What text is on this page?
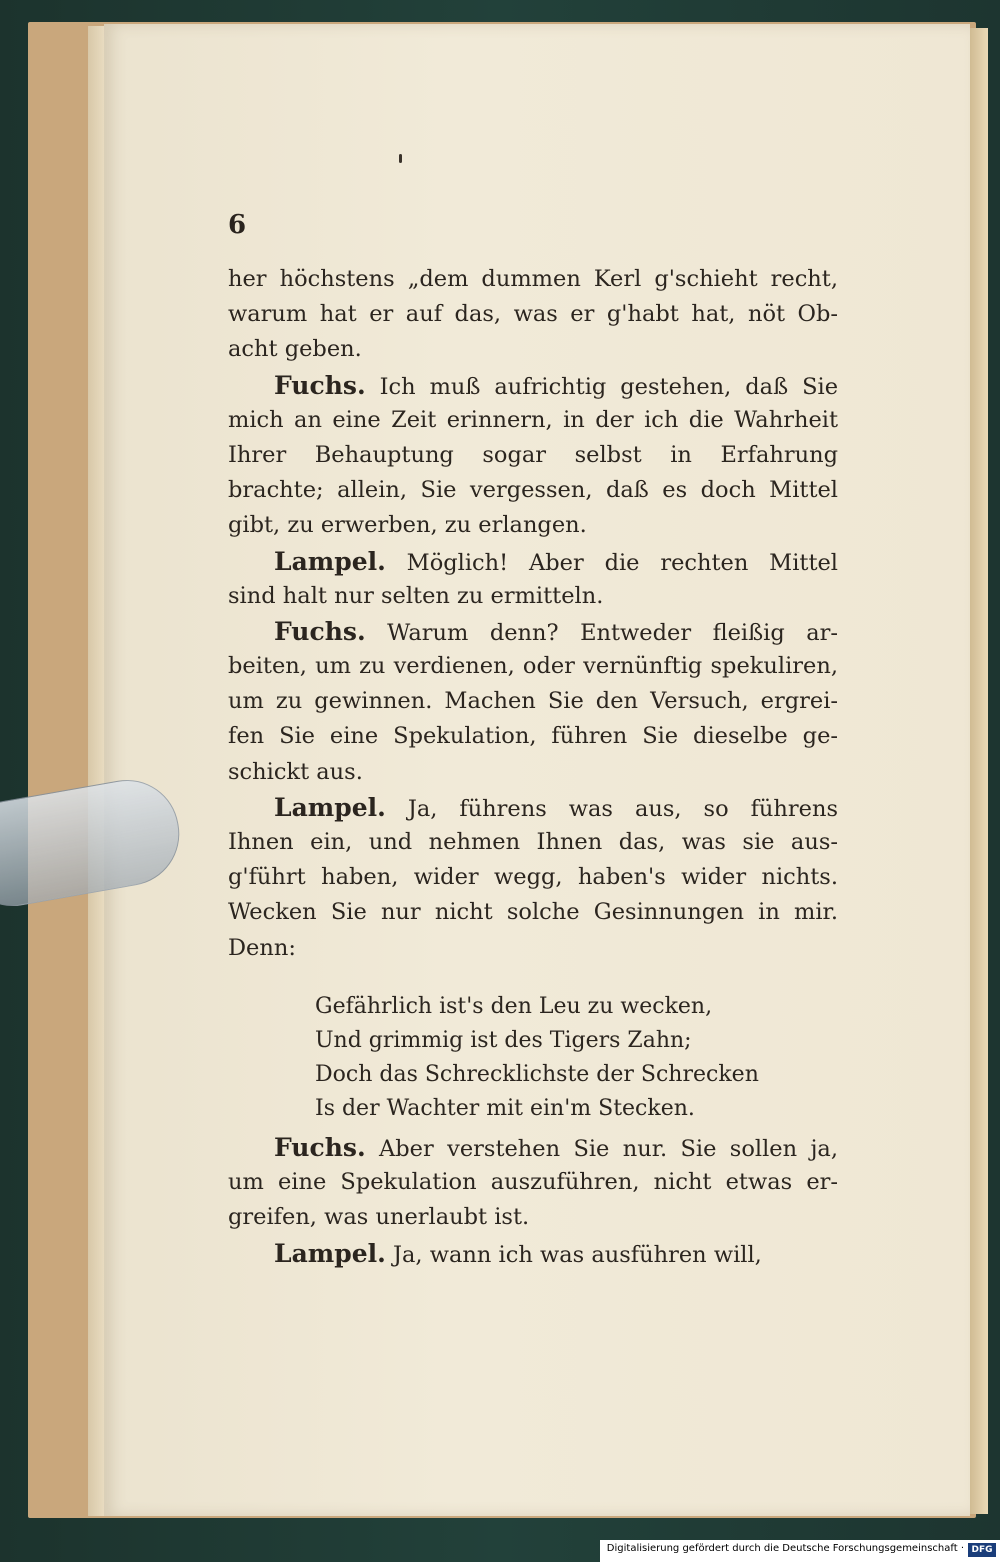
6
her höchstens „dem dummen Kerl g'schieht recht,
warum hat er auf das, was er g'habt hat, nöt Ob-
acht geben.
Fuchs. Ich muß aufrichtig gestehen, daß Sie
mich an eine Zeit erinnern, in der ich die Wahrheit
Ihrer Behauptung sogar selbst in Erfahrung
brachte; allein, Sie vergessen, daß es doch Mittel
gibt, zu erwerben, zu erlangen.
Lampel. Möglich! Aber die rechten Mittel
sind halt nur selten zu ermitteln.
Fuchs. Warum denn? Entweder fleißig ar-
beiten, um zu verdienen, oder vernünftig spekuliren,
um zu gewinnen. Machen Sie den Versuch, ergrei-
fen Sie eine Spekulation, führen Sie dieselbe ge-
schickt aus.
Lampel. Ja, führens was aus, so führens
Ihnen ein, und nehmen Ihnen das, was sie aus-
g'führt haben, wider wegg, haben's wider nichts.
Wecken Sie nur nicht solche Gesinnungen in mir.
Denn:
Gefährlich ist's den Leu zu wecken,
Und grimmig ist des Tigers Zahn;
Doch das Schrecklichste der Schrecken
Is der Wachter mit ein'm Stecken.
Fuchs. Aber verstehen Sie nur. Sie sollen ja,
um eine Spekulation auszuführen, nicht etwas er-
greifen, was unerlaubt ist.
Lampel. Ja, wann ich was ausführen will,
Digitalisierung gefördert durch die Deutsche Forschungsgemeinschaft · DFG
